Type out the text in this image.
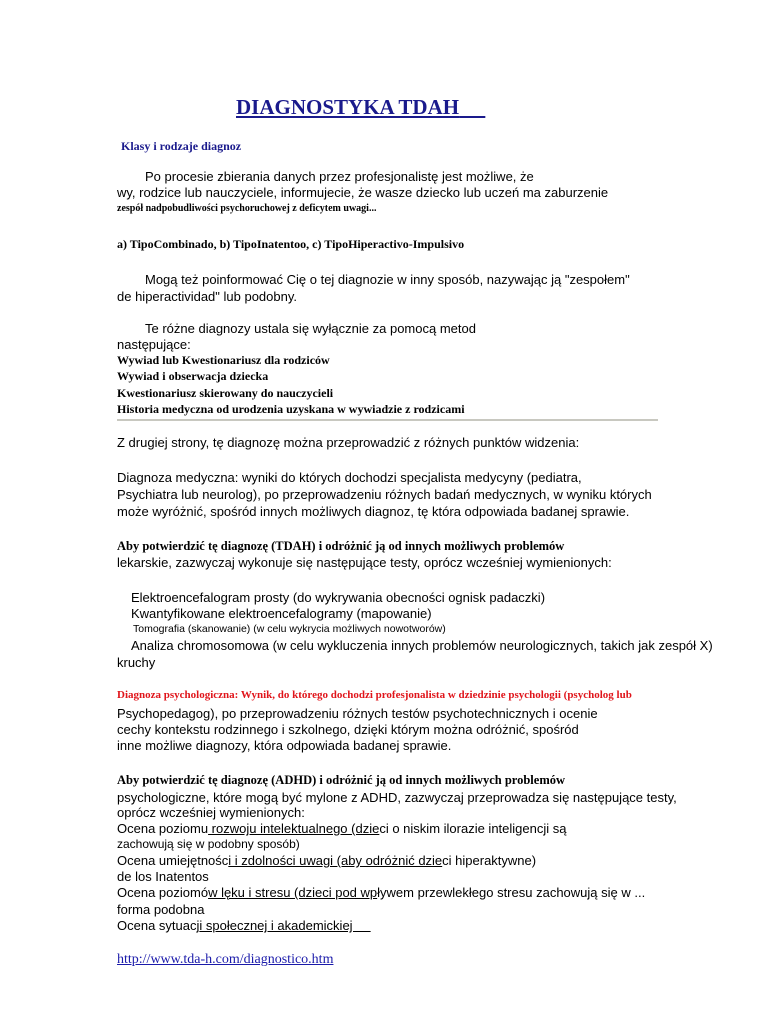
DIAGNOSTYKA TDAH
Klasy i rodzaje diagnoz
Po procesie zbierania danych przez profesjonalistę jest możliwe, że
wy, rodzice lub nauczyciele, informujecie, że wasze dziecko lub uczeń ma zaburzenie
zespół nadpobudliwości psychoruchowej z deficytem uwagi...
a) TipoCombinado, b) TipoInatentoo, c) TipoHiperactivo-Impulsivo
Mogą też poinformować Cię o tej diagnozie w inny sposób, nazywając ją "zespołem"
de hiperactividad" lub podobny.
Te różne diagnozy ustala się wyłącznie za pomocą metod
następujące:
Wywiad lub Kwestionariusz dla rodziców
Wywiad i obserwacja dziecka
Kwestionariusz skierowany do nauczycieli
Historia medyczna od urodzenia uzyskana w wywiadzie z rodzicami
Z drugiej strony, tę diagnozę można przeprowadzić z różnych punktów widzenia:
Diagnoza medyczna: wyniki do których dochodzi specjalista medycyny (pediatra,
Psychiatra lub neurolog), po przeprowadzeniu różnych badań medycznych, w wyniku których
może wyróżnić, spośród innych możliwych diagnoz, tę która odpowiada badanej sprawie.
Aby potwierdzić tę diagnozę (TDAH) i odróżnić ją od innych możliwych problemów
lekarskie, zazwyczaj wykonuje się następujące testy, oprócz wcześniej wymienionych:
Elektroencefalogram prosty (do wykrywania obecności ognisk padaczki)
Kwantyfikowane elektroencefalogramy (mapowanie)
Tomografia (skanowanie) (w celu wykrycia możliwych nowotworów)
Analiza chromosomowa (w celu wykluczenia innych problemów neurologicznych, takich jak zespół X)
kruchy
Diagnoza psychologiczna: Wynik, do którego dochodzi profesjonalista w dziedzinie psychologii (psycholog lub
Psychopedagog), po przeprowadzeniu różnych testów psychotechnicznych i ocenie
cechy kontekstu rodzinnego i szkolnego, dzięki którym można odróżnić, spośród
inne możliwe diagnozy, która odpowiada badanej sprawie.
Aby potwierdzić tę diagnozę (ADHD) i odróżnić ją od innych możliwych problemów
psychologiczne, które mogą być mylone z ADHD, zazwyczaj przeprowadza się następujące testy,
oprócz wcześniej wymienionych:
Ocena poziomu rozwoju intelektualnego (dzieci o niskim ilorazie inteligencji są
zachowują się w podobny sposób)
Ocena umiejętności i zdolności uwagi (aby odróżnić dzieci hiperaktywne)
de los Inatentos
Ocena poziomów lęku i stresu (dzieci pod wpływem przewlekłego stresu zachowują się w ...
forma podobna
Ocena sytuacji społecznej i akademickiej
http://www.tda-h.com/diagnostico.htm
